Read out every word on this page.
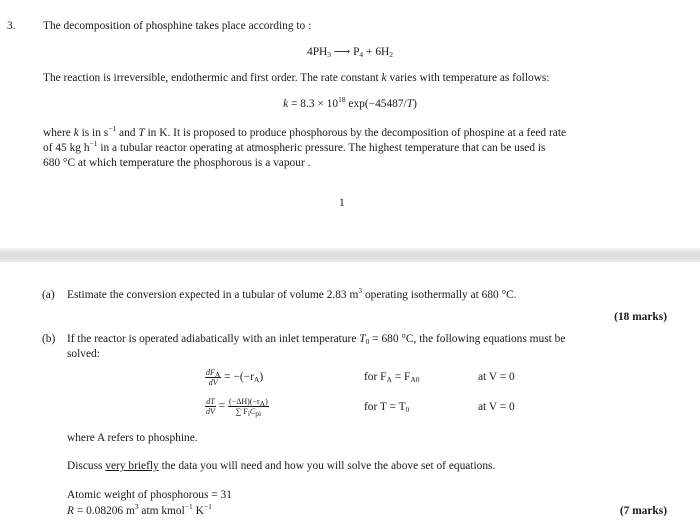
3. The decomposition of phosphine takes place according to :
$4PH_3$ ⟶ $P_4 + 6H_2$
The reaction is irreversible, endothermic and first order. The rate constant k varies with temperature as follows:
$k = 8.3 \times 10^{18}$ exp(−45487/T)
where k is in $s^{-1}$ and T in K. It is proposed to produce phosphorous by the decomposition of phospine at a feed rate
of 45 kg $h^{-1}$ in a tubular reactor operating at atmospheric pressure. The highest temperature that can be used is
680 °C at which temperature the phosphorous is a vapour .
1
(a) Estimate the conversion expected in a tubular of volume 2.83 $m^3$ operating isothermally at 680 °C.
(18 marks)
(b) If the reactor is operated adiabatically with an inlet temperature $T_0 = 680$ °C, the following equations must be
solved:
$\frac{dF_A}{dV} = -(-r_A)$	for $F_A = F_{A0}$	at V = 0
$\frac{dT}{dV} = \frac{(-\Delta H)(-r_A)}{\sum F_iC_{pi}}$	for $T = T_0$	at V = 0
where A refers to phosphine.
Discuss very briefly the data you will need and how you will solve the above set of equations.
Atomic weight of phosphorous = 31
R = 0.08206 $m^3$ atm kmol$^{-1}$ $K^{-1}$	(7 marks)
